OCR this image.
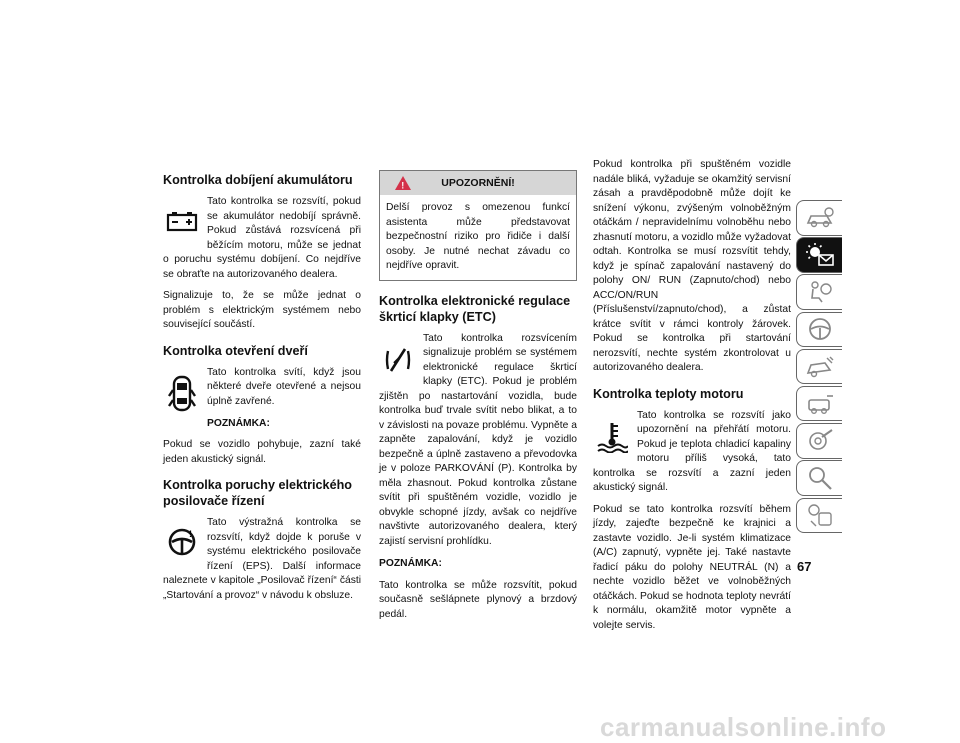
Kontrolka dobíjení akumulátoru

Tato kontrolka se rozsvítí, pokud se akumulátor nedobíjí správně. Pokud zůstává rozsvícená při běžícím motoru, může se jednat o poruchu systému dobíjení. Co nejdříve se obraťte na autorizovaného dealera.

Signalizuje to, že se může jednat o problém s elektrickým systémem nebo související součástí.

Kontrolka otevření dveří

Tato kontrolka svítí, když jsou některé dveře otevřené a nejsou úplně zavřené.

POZNÁMKA:

Pokud se vozidlo pohybuje, zazní také jeden akustický signál.

Kontrolka poruchy elektrického posilovače řízení
!

Tato výstražná kontrolka se rozsvítí, když dojde k poruše v systému elektrického posilovače řízení (EPS). Další informace naleznete v kapitole „Posilovač řízení“ části „Startování a provoz“ v návodu k obsluze.

!	UPOZORNĚNÍ!
Delší provoz s omezenou funkcí asistenta může představovat bezpečnostní riziko pro řidiče i další osoby. Je nutné nechat závadu co nejdříve opravit.
Kontrolka elektronické regulace škrticí klapky (ETC)

Tato kontrolka rozsvícením signalizuje problém se systémem elektronické regulace škrticí klapky (ETC). Pokud je problém zjištěn po nastartování vozidla, bude kontrolka buď trvale svítit nebo blikat, a to v závislosti na povaze problému. Vypněte a zapněte zapalování, když je vozidlo bezpečně a úplně zastaveno a převodovka je v poloze PARKOVÁNÍ (P). Kontrolka by měla zhasnout. Pokud kontrolka zůstane svítit při spuštěném vozidle, vozidlo je obvykle schopné jízdy, avšak co nejdříve navštivte autorizovaného dealera, který zajistí servisní prohlídku.

POZNÁMKA:

Tato kontrolka se může rozsvítit, pokud současně sešlápnete plynový a brzdový pedál.

Pokud kontrolka při spuštěném vozidle nadále bliká, vyžaduje se okamžitý servisní zásah a pravděpodobně může dojít ke snížení výkonu, zvýšeným volnoběžným otáčkám / nepravidelnímu volnoběhu nebo zhasnutí motoru, a vozidlo může vyžadovat odtah. Kontrolka se musí rozsvítit tehdy, když je spínač zapalování nastavený do polohy ON/ RUN (Zapnuto/chod) nebo ACC/ON/RUN (Příslušenství/zapnuto/chod), a zůstat krátce svítit v rámci kontroly žárovek. Pokud se kontrolka při startování nerozsvítí, nechte systém zkontrolovat u autorizovaného dealera.

Kontrolka teploty motoru

Tato kontrolka se rozsvítí jako upozornění na přehřátí motoru. Pokud je teplota chladicí kapaliny motoru příliš vysoká, tato kontrolka se rozsvítí a zazní jeden akustický signál.

Pokud se tato kontrolka rozsvítí během jízdy, zajeďte bezpečně ke krajnici a zastavte vozidlo. Je-li systém klimatizace (A/C) zapnutý, vypněte jej. Také nastavte řadicí páku do polohy NEUTRÁL (N) a nechte vozidlo běžet ve volnoběžných otáčkách. Pokud se hodnota teploty nevrátí k normálu, okamžitě motor vypněte a volejte servis.

67
carmanualsonline.info
